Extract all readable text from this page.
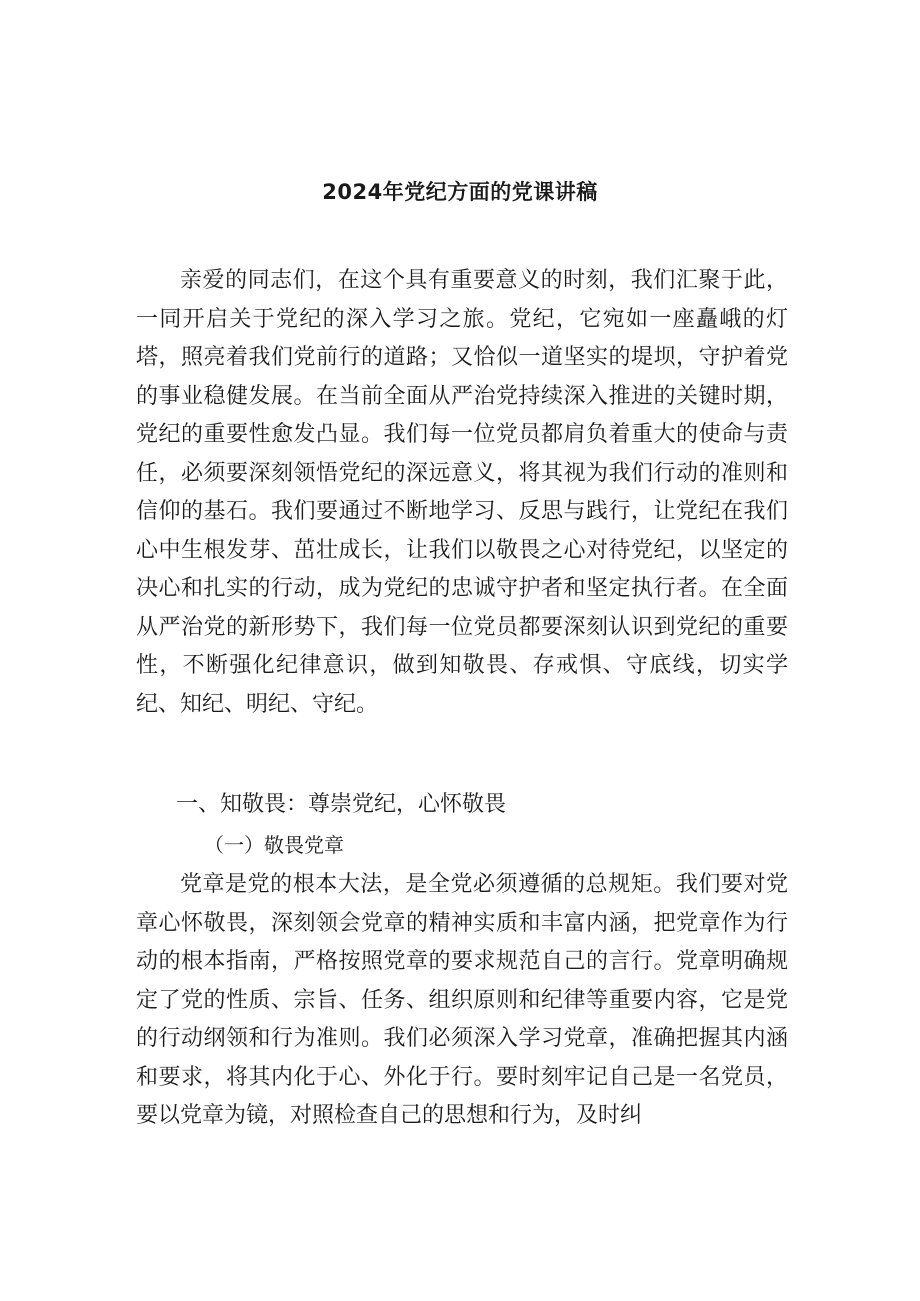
2024年党纪方面的党课讲稿

亲爱的同志们，在这个具有重要意义的时刻，我们汇聚于此，一同开启关于党纪的深入学习之旅。党纪，它宛如一座矗峨的灯塔，照亮着我们党前行的道路；又恰似一道坚实的堤坝，守护着党的事业稳健发展。在当前全面从严治党持续深入推进的关键时期，党纪的重要性愈发凸显。我们每一位党员都肩负着重大的使命与责任，必须要深刻领悟党纪的深远意义，将其视为我们行动的准则和信仰的基石。我们要通过不断地学习、反思与践行，让党纪在我们心中生根发芽、茁壮成长，让我们以敬畏之心对待党纪，以坚定的决心和扎实的行动，成为党纪的忠诚守护者和坚定执行者。在全面从严治党的新形势下，我们每一位党员都要深刻认识到党纪的重要性，不断强化纪律意识，做到知敬畏、存戒惧、守底线，切实学纪、知纪、明纪、守纪。

一、知敬畏：尊崇党纪，心怀敬畏
（一）敬畏党章

党章是党的根本大法，是全党必须遵循的总规矩。我们要对党章心怀敬畏，深刻领会党章的精神实质和丰富内涵，把党章作为行动的根本指南，严格按照党章的要求规范自己的言行。党章明确规定了党的性质、宗旨、任务、组织原则和纪律等重要内容，它是党的行动纲领和行为准则。我们必须深入学习党章，准确把握其内涵和要求，将其内化于心、外化于行。要时刻牢记自己是一名党员，要以党章为镜，对照检查自己的思想和行为，及时纠
